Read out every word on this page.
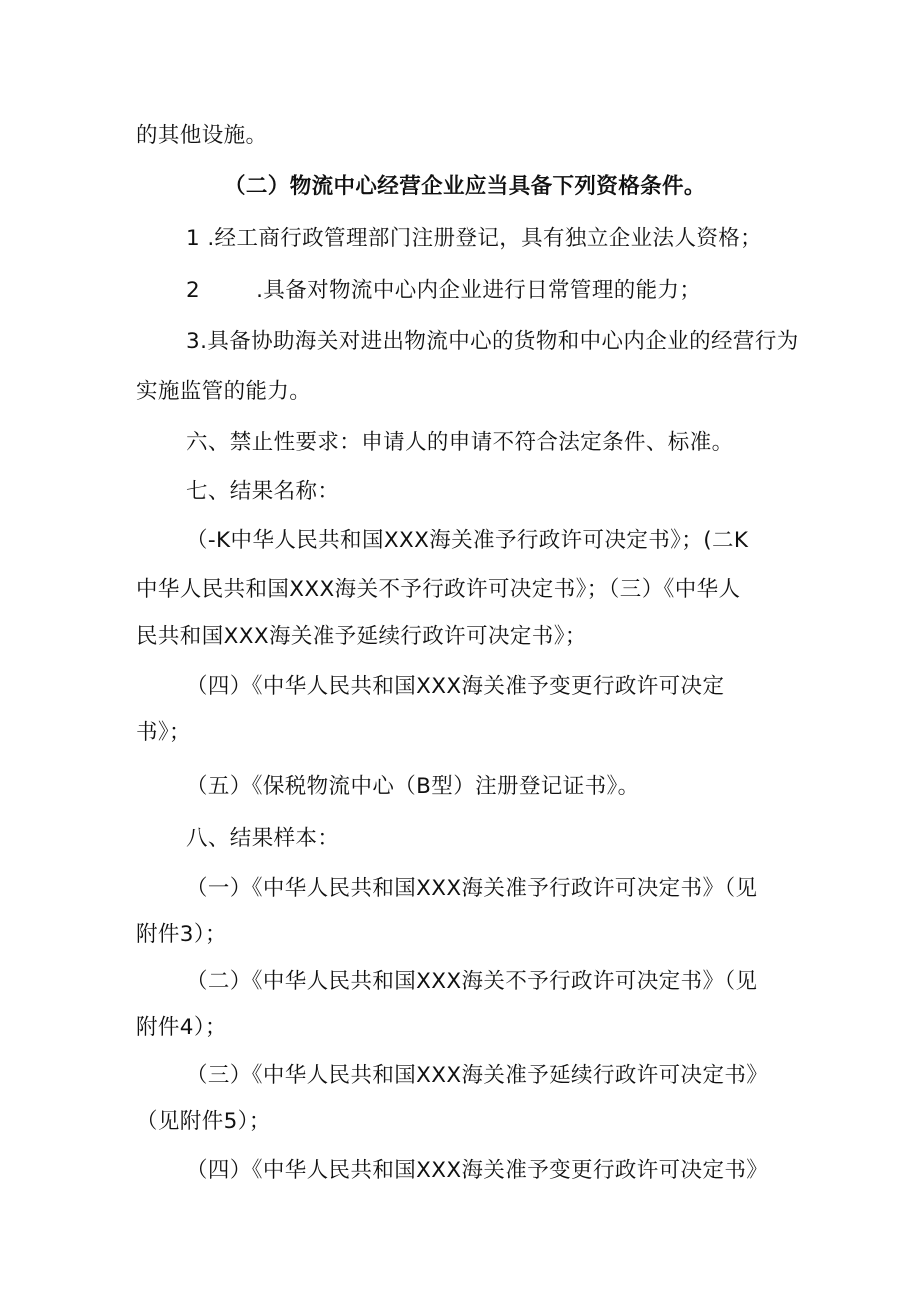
的其他设施。
（二）物流中心经营企业应当具备下列资格条件。
1 .经工商行政管理部门注册登记，具有独立企业法人资格；
2	.具备对物流中心内企业进行日常管理的能力；
3.具备协助海关对进出物流中心的货物和中心内企业的经营行为
实施监管的能力。
六、禁止性要求：申请人的申请不符合法定条件、标准。
七、结果名称：
（-K中华人民共和国XXX海关准予行政许可决定书》；(二K
中华人民共和国XXX海关不予行政许可决定书》；（三）《中华人
民共和国XXX海关准予延续行政许可决定书》；
（四）《中华人民共和国XXX海关准予变更行政许可决定
书》；
（五）《保税物流中心（B型）注册登记证书》。
八、结果样本：
（一）《中华人民共和国XXX海关准予行政许可决定书》（见
附件3）；
（二）《中华人民共和国XXX海关不予行政许可决定书》（见
附件4）；
（三）《中华人民共和国XXX海关准予延续行政许可决定书》
（见附件5）；
（四）《中华人民共和国XXX海关准予变更行政许可决定书》
